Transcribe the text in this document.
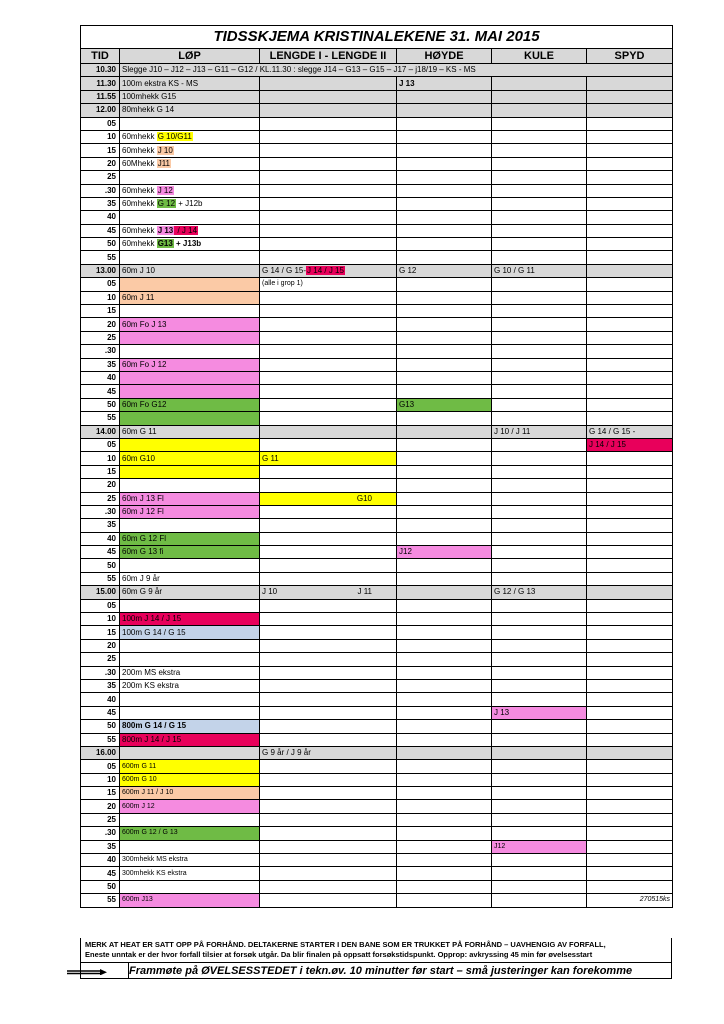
TIDSSKJEMA KRISTINALEKENE 31. MAI 2015					
TID	LØP	LENGDE I - LENGDE II	HØYDE	KULE	SPYD
10.30	Slegge J10 – J12 – J13 – G11 – G12 / KL.11.30 : slegge J14 – G13 – G15 – J17 – j18/19 – KS - MS				
11.30	100m ekstra KS - MS		J 13		
11.55	100mhekk G15				
12.00	80mhekk G 14				
05					
10	60mhekk G 10/G11				
15	60mhekk J 10				
20	60Mhekk J11				
25					
.30	60mhekk J 12				
35	60mhekk G 12 + J12b				
40					
45	60mhekk J 13 / J 14				
50	60mhekk G13 + J13b				
55					
13.00	60m J 10	G 14 / G 15-J 14 / J 15	G 12	G 10 / G 11	
05		(alle i grop 1)			
10	60m J 11				
15					
20	60m Fo J 13				
25					
.30					
35	60m Fo J 12				
40					
45					
50	60m Fo G12		G13		
55					
14.00	60m G 11			J 10 / J 11	G 14 / G 15 -
05					J 14 / J 15
10	60m G10	G 11			
15					
20					
25	60m J 13 Fl	G10			
.30	60m J 12 Fl				
35					
40	60m G 12 Fl				
45	60m G 13 fi		J12		
50					
55	60m J 9 år				
15.00	60m G 9 år	J 10 J 11		G 12 / G 13	
05					
10	100m J 14 / J 15				
15	100m G 14 / G 15				
20					
25					
.30	200m MS ekstra				
35	200m KS ekstra				
40					
45				J 13	
50	800m G 14 / G 15				
55	800m J 14 / J 15				
16.00		G 9 år / J 9 år			
05	600m G 11				
10	600m G 10				
15	600m J 11 / J 10				
20	600m J 12				
25					
.30	600m G 12 / G 13				
35				J12	
40	300mhekk MS ekstra				
45	300mhekk KS ekstra				
50					
55	600m J13				270515ks
MERK AT HEAT ER SATT OPP PÅ FORHÅND. DELTAKERNE STARTER I DEN BANE SOM ER TRUKKET PÅ FORHÅND – UAVHENGIG AV FORFALL,
Eneste unntak er der hvor forfall tilsier at forsøk utgår. Da blir finalen på oppsatt forsøkstidspunkt. Opprop: avkryssing 45 min før øvelsesstart
Frammøte på ØVELSESSTEDET i tekn.øv. 10 minutter før start – små justeringer kan forekomme
